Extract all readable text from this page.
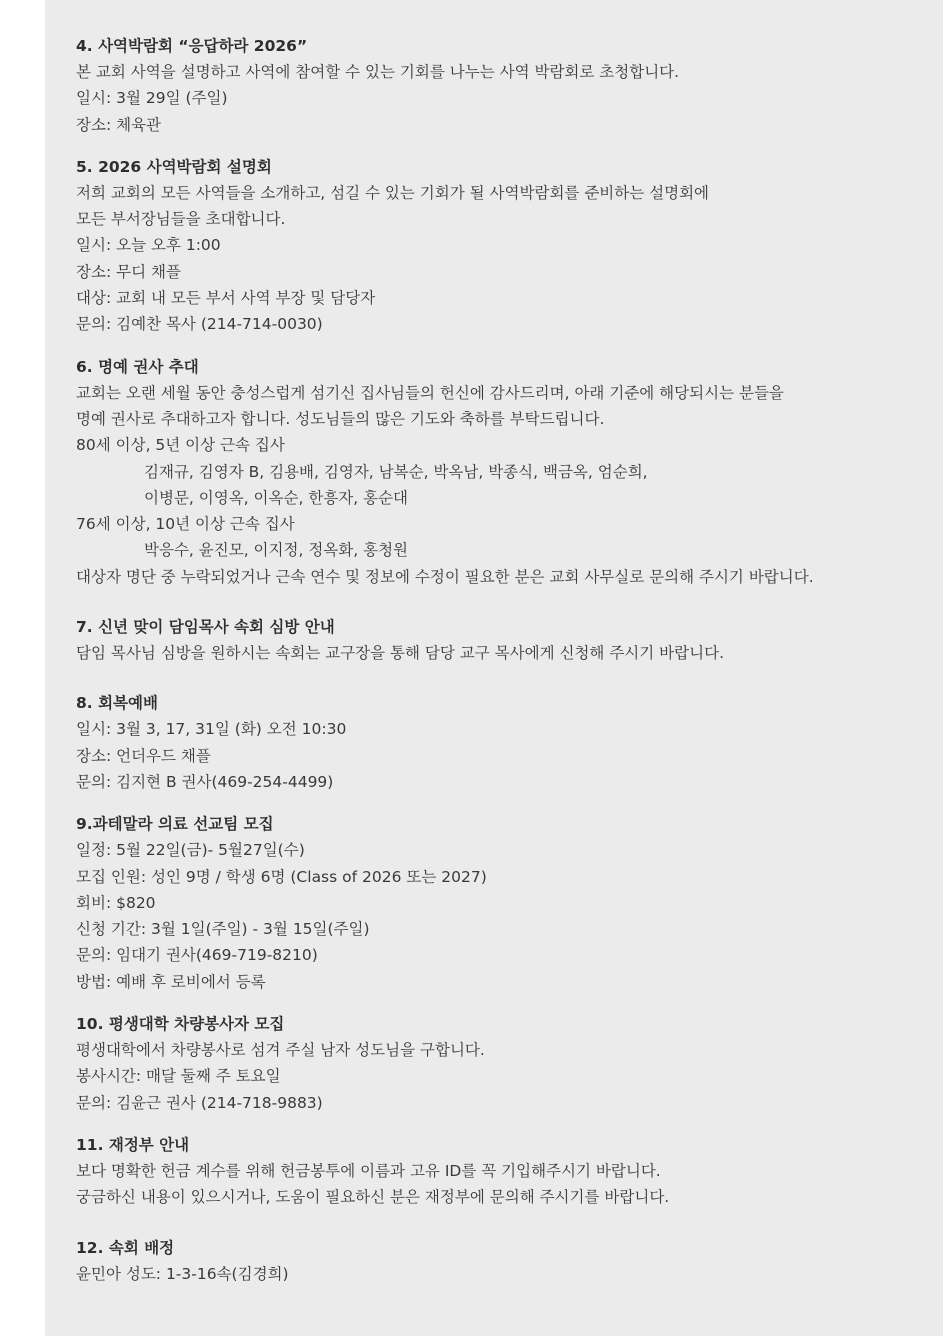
4. 사역박람회 “응답하라 2026”
본 교회 사역을 설명하고 사역에 참여할 수 있는 기회를 나누는 사역 박람회로 초청합니다.
일시: 3월 29일 (주일)
장소: 체육관
5. 2026 사역박람회 설명회
저희 교회의 모든 사역들을 소개하고, 섬길 수 있는 기회가 될 사역박람회를 준비하는 설명회에
모든 부서장님들을 초대합니다.
일시: 오늘 오후 1:00
장소: 무디 채플
대상: 교회 내 모든 부서 사역 부장 및 담당자
문의: 김예찬 목사 (214-714-0030)
6. 명예 권사 추대
교회는 오랜 세월 동안 충성스럽게 섬기신 집사님들의 헌신에 감사드리며, 아래 기준에 해당되시는 분들을
명예 권사로 추대하고자 합니다. 성도님들의 많은 기도와 축하를 부탁드립니다.
80세 이상, 5년 이상 근속 집사
김재규, 김영자 B, 김용배, 김영자, 남복순, 박옥남, 박종식, 백금옥, 엄순희,
이병문, 이영옥, 이옥순, 한흥자, 홍순대
76세 이상, 10년 이상 근속 집사
박응수, 윤진모, 이지정, 정옥화, 홍청원
대상자 명단 중 누락되었거나 근속 연수 및 정보에 수정이 필요한 분은 교회 사무실로 문의해 주시기 바랍니다.
7. 신년 맞이 담임목사 속회 심방 안내
담임 목사님 심방을 원하시는 속회는 교구장을 통해 담당 교구 목사에게 신청해 주시기 바랍니다.
8. 회복예배
일시: 3월 3, 17, 31일 (화) 오전 10:30
장소: 언더우드 채플
문의: 김지현 B 권사(469-254-4499)
9.과테말라 의료 선교팀 모집
일정: 5월 22일(금)- 5월27일(수)
모집 인원: 성인 9명 / 학생 6명 (Class of 2026 또는 2027)
회비: $820
신청 기간: 3월 1일(주일) - 3월 15일(주일)
문의: 임대기 권사(469-719-8210)
방법: 예배 후 로비에서 등록
10. 평생대학 차량봉사자 모집
평생대학에서 차량봉사로 섬겨 주실 남자 성도님을 구합니다.
봉사시간: 매달 둘째 주 토요일
문의: 김윤근 권사 (214-718-9883)
11. 재정부 안내
보다 명확한 헌금 계수를 위해 헌금봉투에 이름과 고유 ID를 꼭 기입해주시기 바랍니다.
궁금하신 내용이 있으시거나, 도움이 필요하신 분은 재정부에 문의해 주시기를 바랍니다.
12. 속회 배정
윤민아 성도: 1-3-16속(김경희)
